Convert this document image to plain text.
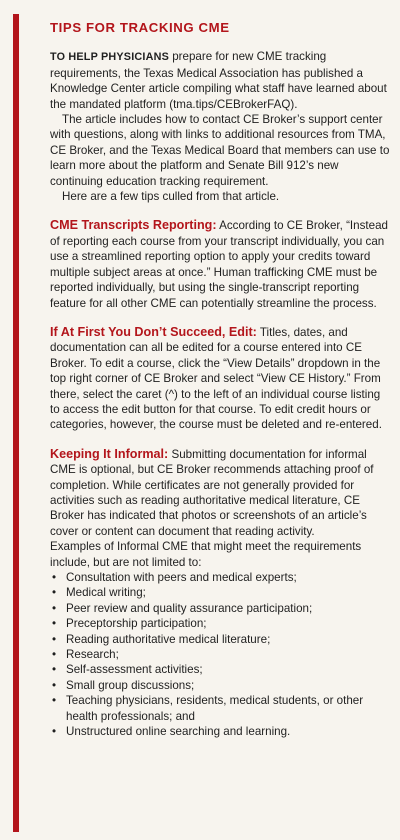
TIPS FOR TRACKING CME

TO HELP PHYSICIANS prepare for new CME tracking requirements, the Texas Medical Association has published a Knowledge Center article compiling what staff have learned about the mandated platform (tma.tips/CEBrokerFAQ).

The article includes how to contact CE Broker’s support center with questions, along with links to additional resources from TMA, CE Broker, and the Texas Medical Board that members can use to learn more about the platform and Senate Bill 912’s new continuing education tracking requirement.

Here are a few tips culled from that article.

CME Transcripts Reporting: According to CE Broker, “Instead of reporting each course from your transcript individually, you can use a streamlined reporting option to apply your credits toward multiple subject areas at once.” Human trafficking CME must be reported individually, but using the single-transcript reporting feature for all other CME can potentially streamline the process.

If At First You Don’t Succeed, Edit: Titles, dates, and documentation can all be edited for a course entered into CE Broker. To edit a course, click the “View Details” dropdown in the top right corner of CE Broker and select “View CE History.” From there, select the caret (^) to the left of an individual course listing to access the edit button for that course. To edit credit hours or categories, however, the course must be deleted and re-entered.

Keeping It Informal: Submitting documentation for informal CME is optional, but CE Broker recommends attaching proof of completion. While certificates are not generally provided for activities such as reading authoritative medical literature, CE Broker has indicated that photos or screenshots of an article’s cover or content can document that reading activity.

Examples of Informal CME that might meet the requirements include, but are not limited to:

• Consultation with peers and medical experts;
• Medical writing;
• Peer review and quality assurance participation;
• Preceptorship participation;
• Reading authoritative medical literature;
• Research;
• Self-assessment activities;
• Small group discussions;
• Teaching physicians, residents, medical students, or other health professionals; and
• Unstructured online searching and learning.
